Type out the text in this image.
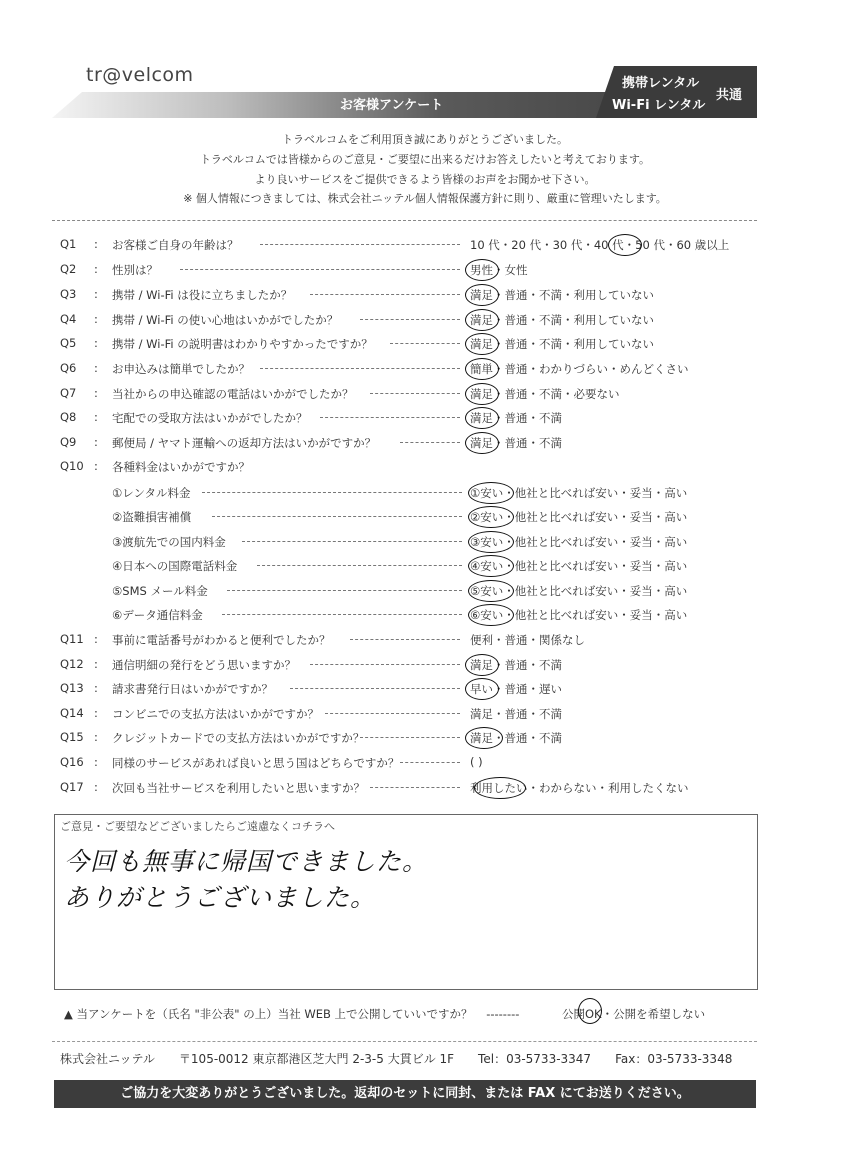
tr@velcom
お客様アンケート
携帯レンタル
Wi-Fi レンタル
共通
トラベルコムをご利用頂き誠にありがとうございました。
トラベルコムでは皆様からのご意見・ご要望に出来るだけお答えしたいと考えております。
より良いサービスをご提供できるよう皆様のお声をお聞かせ下さい。
※ 個人情報につきましては、株式会社ニッテル個人情報保護方針に則り、厳重に管理いたします。
Q1 : お客様ご自身の年齢は？	10 代・20 代・30 代・40 代・50 代・60 歳以上
Q2 : 性別は？	男性・女性
Q3 : 携帯 / Wi-Fi は役に立ちましたか？	満足・普通・不満・利用していない
Q4 : 携帯 / Wi-Fi の使い心地はいかがでしたか？	満足・普通・不満・利用していない
Q5 : 携帯 / Wi-Fi の説明書はわかりやすかったですか？	満足・普通・不満・利用していない
Q6 : お申込みは簡単でしたか？	簡単・普通・わかりづらい・めんどくさい
Q7 : 当社からの申込確認の電話はいかがでしたか？	満足・普通・不満・必要ない
Q8 : 宅配での受取方法はいかがでしたか？	満足・普通・不満
Q9 : 郵便局 / ヤマト運輸への返却方法はいかがですか？	満足・普通・不満
Q10 : 各種料金はいかがですか？
①レンタル料金	①安い・他社と比べれば安い・妥当・高い
②盗難損害補償	②安い・他社と比べれば安い・妥当・高い
③渡航先での国内料金	③安い・他社と比べれば安い・妥当・高い
④日本への国際電話料金	④安い・他社と比べれば安い・妥当・高い
⑤SMS メール料金	⑤安い・他社と比べれば安い・妥当・高い
⑥データ通信料金	⑥安い・他社と比べれば安い・妥当・高い
Q11 : 事前に電話番号がわかると便利でしたか？	便利・普通・関係なし
Q12 : 通信明細の発行をどう思いますか？	満足・普通・不満
Q13 : 請求書発行日はいかがですか？	早い・普通・遅い
Q14 : コンビニでの支払方法はいかがですか？	満足・普通・不満
Q15 : クレジットカードでの支払方法はいかがですか？	満足・普通・不満
Q16 : 同様のサービスがあれば良いと思う国はどちらですか？	( )
Q17 : 次回も当社サービスを利用したいと思いますか？	利用したい・わからない・利用したくない
ご意見・ご要望などございましたらご遠慮なくコチラへ
今回も無事に帰国できました。
ありがとうございました。
▲ 当アンケートを（氏名 "非公表" の上）当社 WEB 上で公開していいですか？ --------	公開OK・公開を希望しない
株式会社ニッテル　　〒105-0012 東京都港区芝大門 2-3-5 大貫ビル 1F　　Tel：03-5733-3347　　Fax：03-5733-3348
ご協力を大変ありがとうございました。返却のセットに同封、または FAX にてお送りください。
